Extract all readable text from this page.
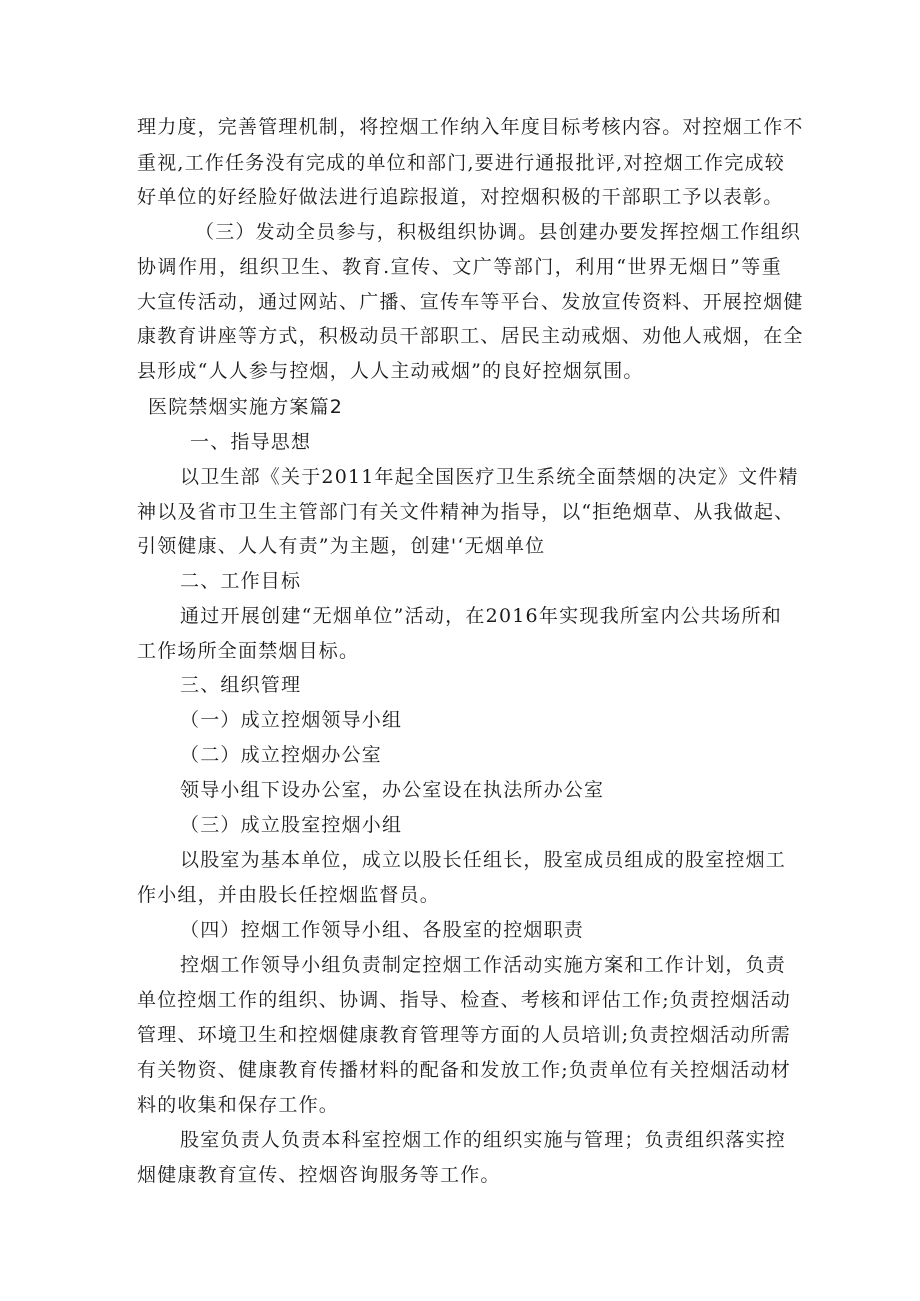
理力度，完善管理机制，将控烟工作纳入年度目标考核内容。对控烟工作不
重视,工作任务没有完成的单位和部门,要进行通报批评,对控烟工作完成较
好单位的好经脸好做法进行追踪报道，对控烟积极的干部职工予以表彰。
（三）发动全员参与，积极组织协调。县创建办要发挥控烟工作组织
协调作用，组织卫生、教育.宣传、文广等部门，利用“世界无烟日”等重
大宣传活动，通过网站、广播、宣传车等平台、发放宣传资料、开展控烟健
康教育讲座等方式，积极动员干部职工、居民主动戒烟、劝他人戒烟，在全
县形成“人人参与控烟，人人主动戒烟”的良好控烟氛围。
医院禁烟实施方案篇2
一、指导思想
以卫生部《关于2011年起全国医疗卫生系统全面禁烟的决定》文件精
神以及省市卫生主管部门有关文件精神为指导，以“拒绝烟草、从我做起、
引领健康、人人有责”为主题，创建'‘无烟单位
二、工作目标
通过开展创建“无烟单位”活动，在2016年实现我所室内公共场所和
工作场所全面禁烟目标。
三、组织管理
（一）成立控烟领导小组
（二）成立控烟办公室
领导小组下设办公室，办公室设在执法所办公室
（三）成立股室控烟小组
以股室为基本单位，成立以股长任组长，股室成员组成的股室控烟工
作小组，并由股长任控烟监督员。
（四）控烟工作领导小组、各股室的控烟职责
控烟工作领导小组负责制定控烟工作活动实施方案和工作计划，负责
单位控烟工作的组织、协调、指导、检查、考核和评估工作;负责控烟活动
管理、环境卫生和控烟健康教育管理等方面的人员培训;负责控烟活动所需
有关物资、健康教育传播材料的配备和发放工作;负责单位有关控烟活动材
料的收集和保存工作。
股室负责人负责本科室控烟工作的组织实施与管理；负责组织落实控
烟健康教育宣传、控烟咨询服务等工作。
